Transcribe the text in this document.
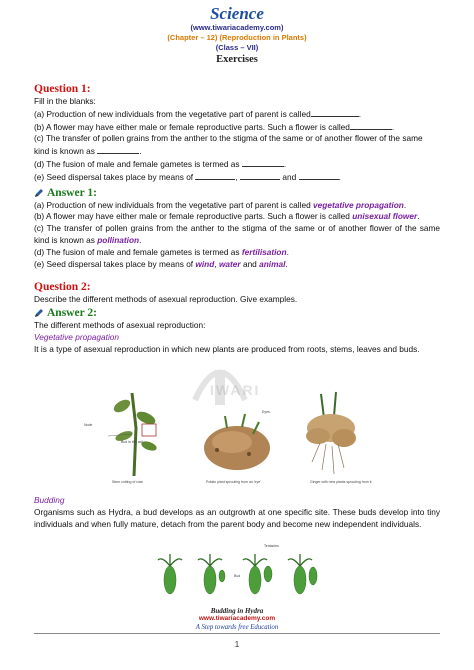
Science
(www.tiwariacademy.com)
(Chapter – 12) (Reproduction in Plants)
(Class – VII)
Exercises
IWARI
Question 1:

Fill in the blanks:

(a) Production of new individuals from the vegetative part of parent is called	.

(b) A flower may have either male or female reproductive parts. Such a flower is called	.

(c) The transfer of pollen grains from the anther to the stigma of the same or of another flower of the same kind is known as	.

(d) The fusion of male and female gametes is termed as	.

(e) Seed dispersal takes place by means of	,	and	.

Answer 1:

(a) Production of new individuals from the vegetative part of parent is called vegetative propagation.

(b) A flower may have either male or female reproductive parts. Such a flower is called unisexual flower.

(c) The transfer of pollen grains from the anther to the stigma of the same or of another flower of the same kind is known as pollination.

(d) The fusion of male and female gametes is termed as fertilisation.

(e) Seed dispersal takes place by means of wind, water and animal.

Question 2:

Describe the different methods of asexual reproduction. Give examples.

Answer 2:

The different methods of asexual reproduction:

Vegetative propagation

It is a type of asexual reproduction in which new plants are produced from roots, stems, leaves and buds.

Node
Bud in the axil
Stem cutting of rose
Eyes
Potato plant sprouting from an 'eye'	Ginger with new plants sprouting from it

Budding

Organisms such as Hydra, a bud develops as an outgrowth at one specific site. These buds develop into tiny individuals and when fully mature, detach from the parent body and become new independent individuals.

Tentacles
Bud
Budding in Hydra
www.tiwariacademy.com
A Step towards free Education
1
